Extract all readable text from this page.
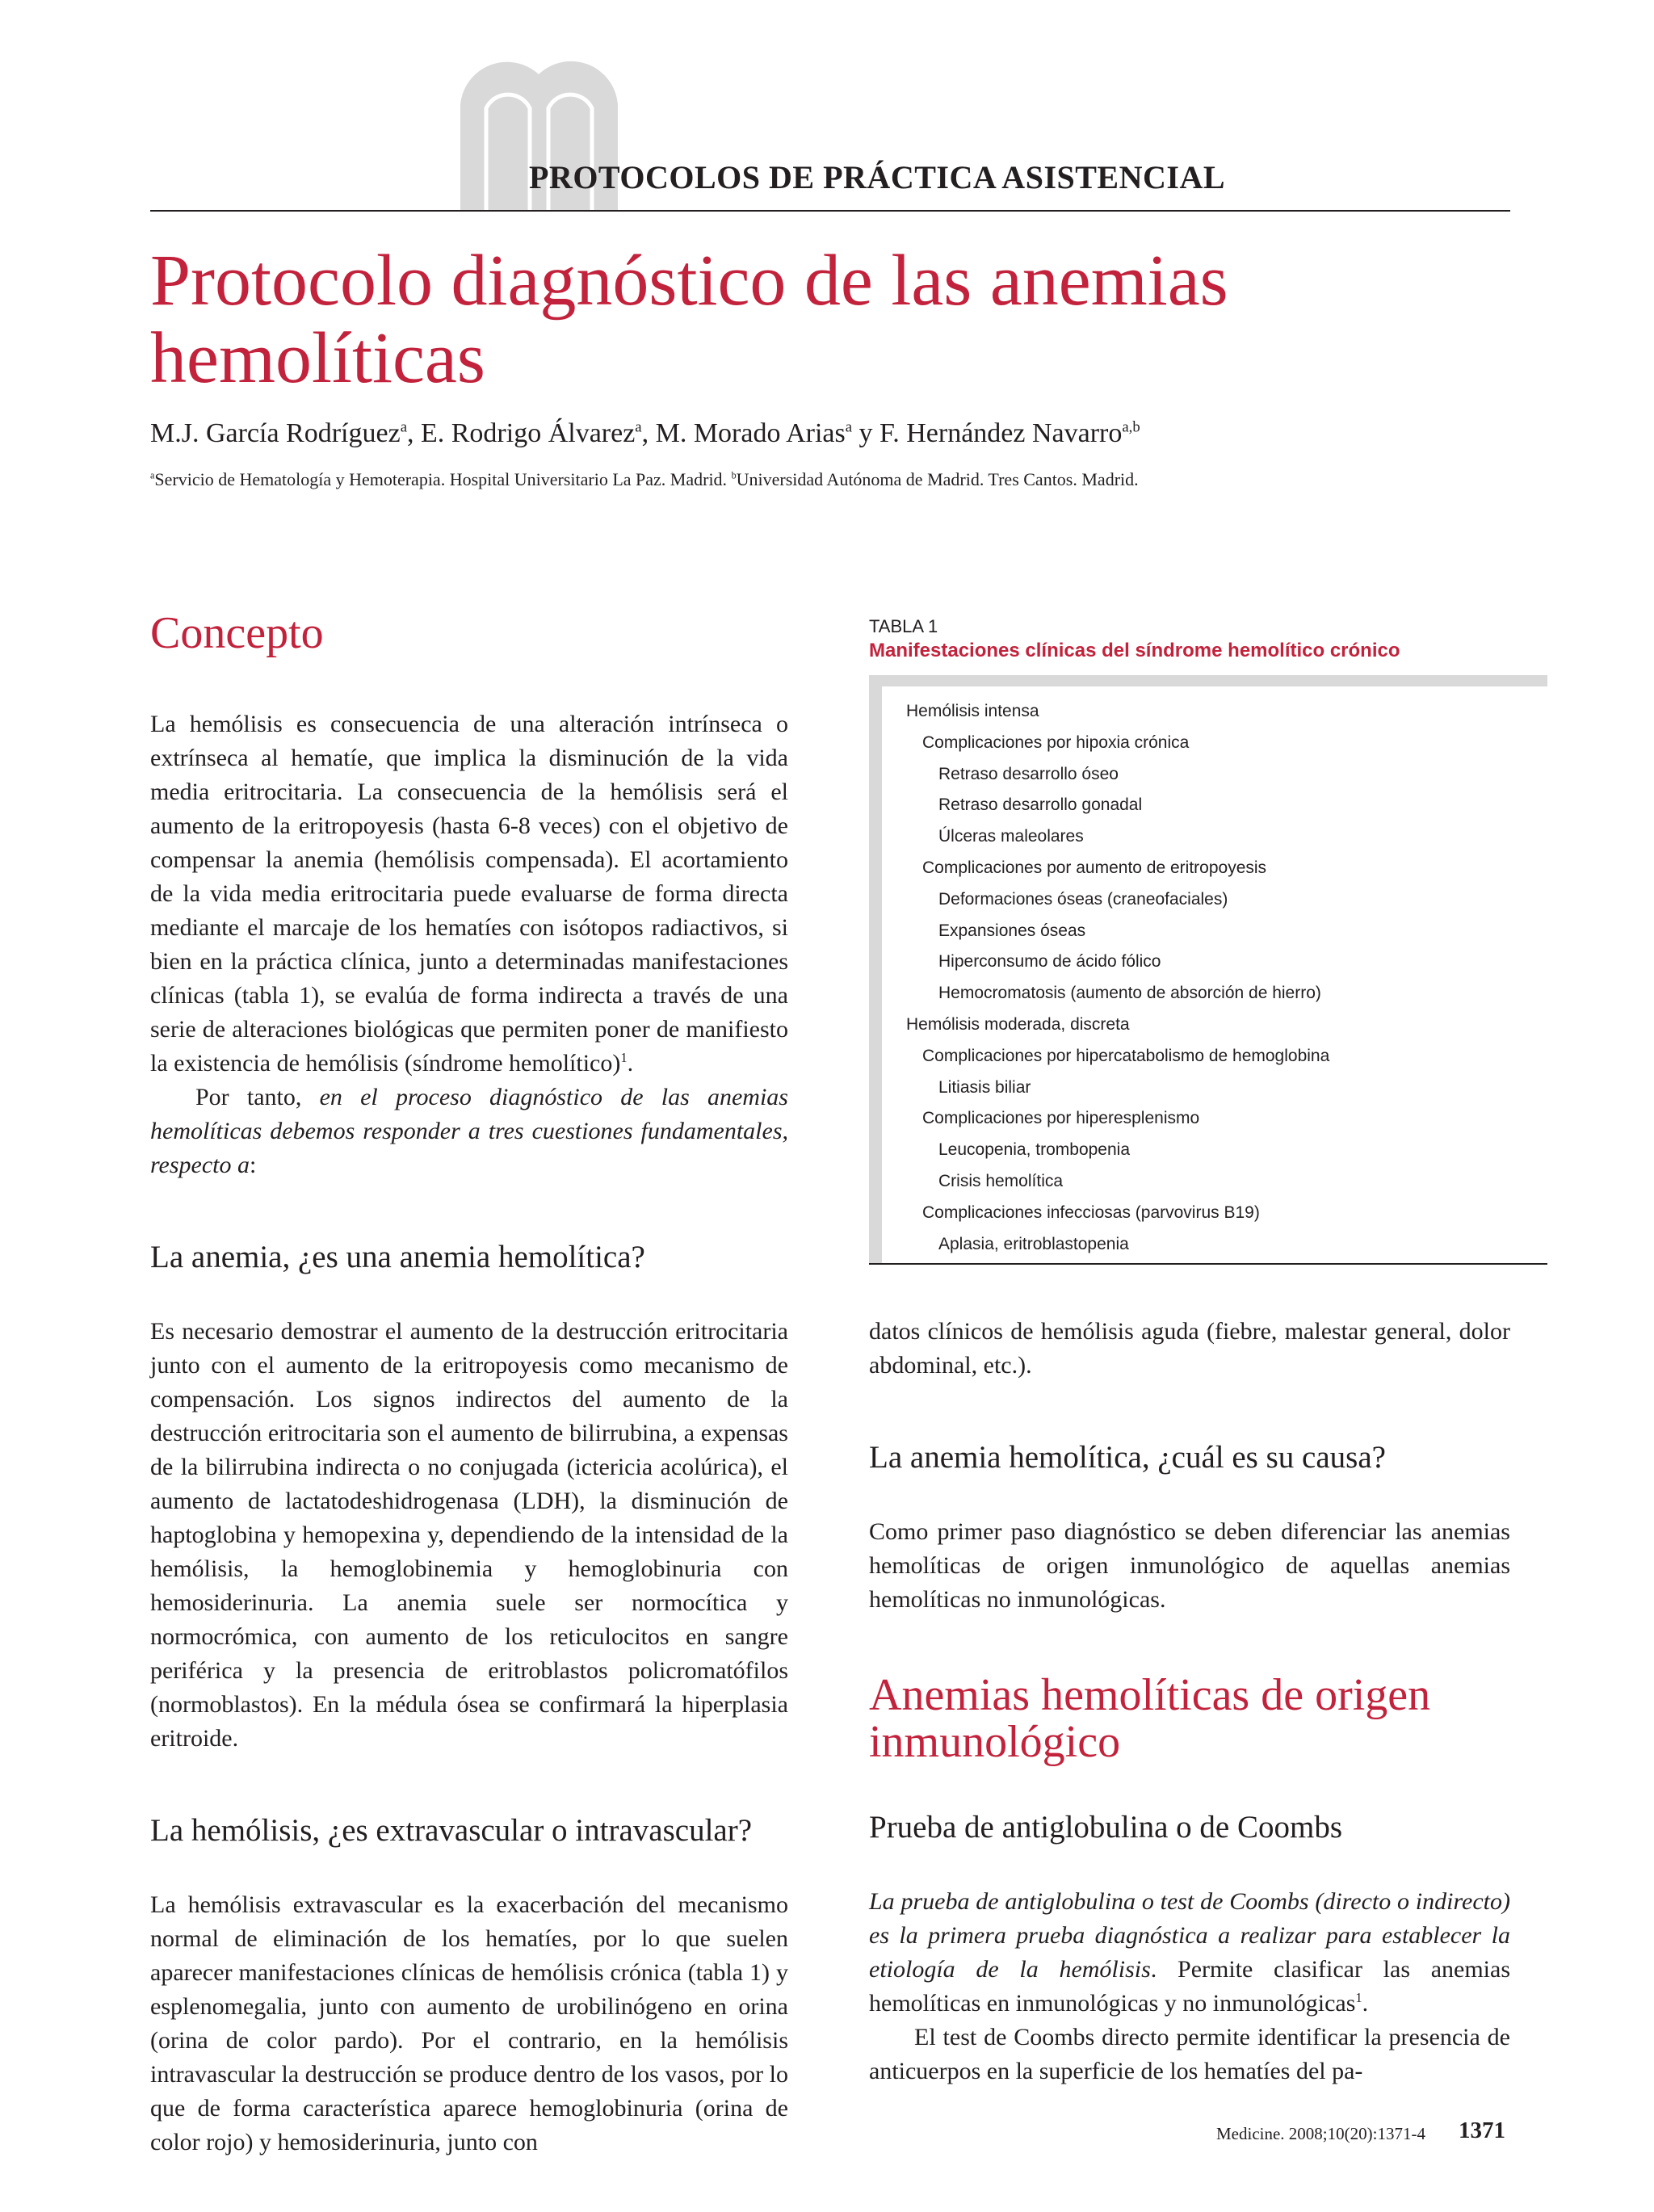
PROTOCOLOS DE PRÁCTICA ASISTENCIAL
Protocolo diagnóstico de las anemias
hemolíticas
M.J. García Rodríguez$^a$, E. Rodrigo Álvarez$^a$, M. Morado Arias$^a$ y F. Hernández Navarro$^{a,b}$
$^a$Servicio de Hematología y Hemoterapia. Hospital Universitario La Paz. Madrid. $^b$Universidad Autónoma de Madrid. Tres Cantos. Madrid.
Concepto

La hemólisis es consecuencia de una alteración intrínseca o extrínseca al hematíe, que implica la disminución de la vida media eritrocitaria. La consecuencia de la hemólisis será el aumento de la eritropoyesis (hasta 6-8 veces) con el objetivo de compensar la anemia (hemólisis compensada). El acortamiento de la vida media eritrocitaria puede evaluarse de forma directa mediante el marcaje de los hematíes con isótopos radiactivos, si bien en la práctica clínica, junto a determinadas manifestaciones clínicas (tabla 1), se evalúa de forma indirecta a través de una serie de alteraciones biológicas que permiten poner de manifiesto la existencia de hemólisis (síndrome hemolítico)$^1$.

Por tanto, en el proceso diagnóstico de las anemias hemolíticas debemos responder a tres cuestiones fundamentales, respecto a:

La anemia, ¿es una anemia hemolítica?

Es necesario demostrar el aumento de la destrucción eritrocitaria junto con el aumento de la eritropoyesis como mecanismo de compensación. Los signos indirectos del aumento de la destrucción eritrocitaria son el aumento de bilirrubina, a expensas de la bilirrubina indirecta o no conjugada (ictericia acolúrica), el aumento de lactatodeshidrogenasa (LDH), la disminución de haptoglobina y hemopexina y, dependiendo de la intensidad de la hemólisis, la hemoglobinemia y hemoglobinuria con hemosiderinuria. La anemia suele ser normocítica y normocrómica, con aumento de los reticulocitos en sangre periférica y la presencia de eritroblastos policromatófilos (normoblastos). En la médula ósea se confirmará la hiperplasia eritroide.

La hemólisis, ¿es extravascular o intravascular?

La hemólisis extravascular es la exacerbación del mecanismo normal de eliminación de los hematíes, por lo que suelen aparecer manifestaciones clínicas de hemólisis crónica (tabla 1) y esplenomegalia, junto con aumento de urobilinógeno en orina (orina de color pardo). Por el contrario, en la hemólisis intravascular la destrucción se produce dentro de los vasos, por lo que de forma característica aparece hemoglobinuria (orina de color rojo) y hemosiderinuria, junto con

TABLA 1
Manifestaciones clínicas del síndrome hemolítico crónico
Hemólisis intensa
Complicaciones por hipoxia crónica
Retraso desarrollo óseo
Retraso desarrollo gonadal
Úlceras maleolares
Complicaciones por aumento de eritropoyesis
Deformaciones óseas (craneofaciales)
Expansiones óseas
Hiperconsumo de ácido fólico
Hemocromatosis (aumento de absorción de hierro)
Hemólisis moderada, discreta
Complicaciones por hipercatabolismo de hemoglobina
Litiasis biliar
Complicaciones por hiperesplenismo
Leucopenia, trombopenia
Crisis hemolítica
Complicaciones infecciosas (parvovirus B19)
Aplasia, eritroblastopenia

datos clínicos de hemólisis aguda (fiebre, malestar general, dolor abdominal, etc.).

La anemia hemolítica, ¿cuál es su causa?

Como primer paso diagnóstico se deben diferenciar las anemias hemolíticas de origen inmunológico de aquellas anemias hemolíticas no inmunológicas.

Anemias hemolíticas de origen
inmunológico
Prueba de antiglobulina o de Coombs

La prueba de antiglobulina o test de Coombs (directo o indirecto) es la primera prueba diagnóstica a realizar para establecer la etiología de la hemólisis. Permite clasificar las anemias hemolíticas en inmunológicas y no inmunológicas$^1$.

El test de Coombs directo permite identificar la presencia de anticuerpos en la superficie de los hematíes del pa-

Medicine. 2008;10(20):1371-4 1371
